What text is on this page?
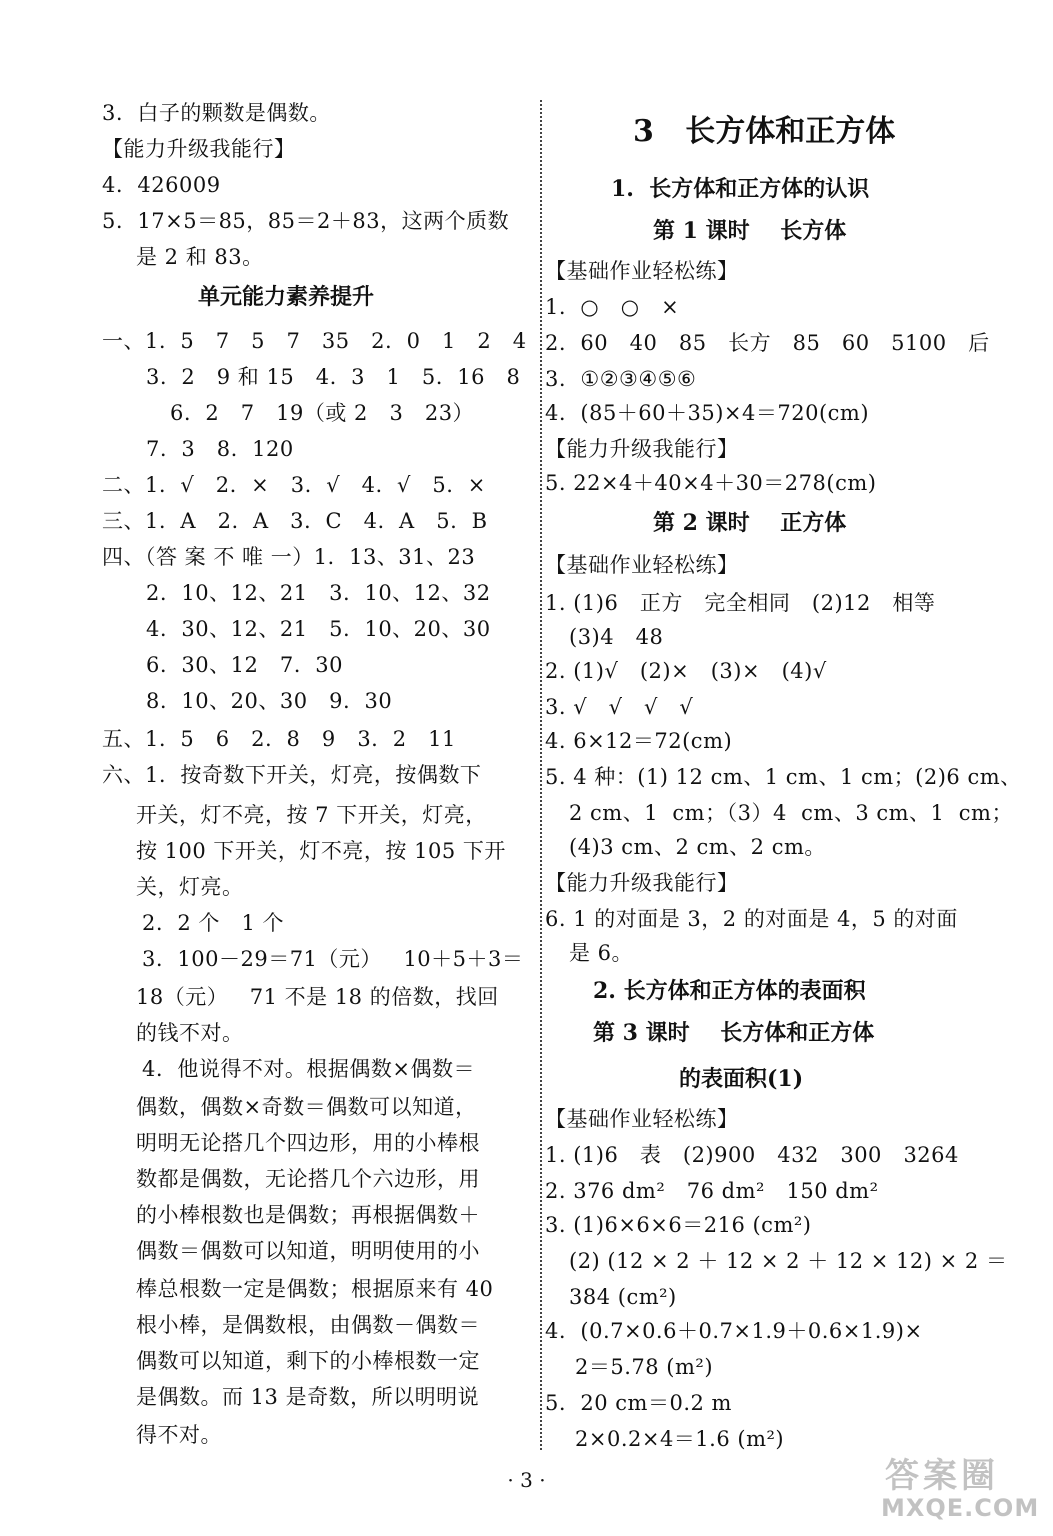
3.  白子的颗数是偶数。
【能力升级我能行】
4.  426009
5.  17×5＝85，85＝2＋83，这两个质数
是 2 和 83。
单元能力素养提升
一、1.  5   7   5   7   35   2.  0   1   2   4
3.  2   9 和 15   4.  3   1   5.  16   8
6.  2   7   19（或 2   3   23）
7.  3   8.  120
二、1.  √   2.  ×   3.  √   4.  √   5.  ×
三、1.  A   2.  A   3.  C   4.  A   5.  B
四、（答 案 不 唯 一）1.  13、31、23
2.  10、12、21   3.  10、12、32
4.  30、12、21   5.  10、20、30
6.  30、12   7.  30
8.  10、20、30   9.  30
五、1.  5   6   2.  8   9   3.  2   11
六、1.  按奇数下开关，灯亮，按偶数下
开关，灯不亮，按 7 下开关，灯亮，
按 100 下开关，灯不亮，按 105 下开
关，灯亮。
2.  2 个   1 个
3.  100－29＝71（元）   10＋5＋3＝
18（元）   71 不是 18 的倍数，找回
的钱不对。
4.  他说得不对。根据偶数×偶数＝
偶数，偶数×奇数＝偶数可以知道，
明明无论搭几个四边形，用的小棒根
数都是偶数，无论搭几个六边形，用
的小棒根数也是偶数；再根据偶数＋
偶数＝偶数可以知道，明明使用的小
棒总根数一定是偶数；根据原来有 40
根小棒，是偶数根，由偶数－偶数＝
偶数可以知道，剩下的小棒根数一定
是偶数。而 13 是奇数，所以明明说
得不对。
3   长方体和正方体
1.  长方体和正方体的认识
第 1 课时    长方体
【基础作业轻松练】
1.  ○   ○   ×
2.  60   40   85   长方   85   60   5100   后
3.  ①②③④⑤⑥
4.  (85＋60＋35)×4＝720(cm)
【能力升级我能行】
5. 22×4＋40×4＋30＝278(cm)
第 2 课时    正方体
【基础作业轻松练】
1. (1)6   正方   完全相同   (2)12   相等
(3)4   48
2. (1)√   (2)×   (3)×   (4)√
3. √   √   √   √
4. 6×12＝72(cm)
5. 4 种：(1) 12 cm、1 cm、1 cm；(2)6 cm、
2 cm、1  cm；（3）4  cm、3 cm、1  cm；
(4)3 cm、2 cm、2 cm。
【能力升级我能行】
6. 1 的对面是 3，2 的对面是 4，5 的对面
是 6。
2. 长方体和正方体的表面积
第 3 课时    长方体和正方体
的表面积(1)
【基础作业轻松练】
1. (1)6   表   (2)900   432   300   3264
2. 376 dm²   76 dm²   150 dm²
3. (1)6×6×6＝216 (cm²)
(2) (12 × 2 ＋ 12 × 2 ＋ 12 × 12) × 2 ＝
384 (cm²)
4.  (0.7×0.6＋0.7×1.9＋0.6×1.9)×
2＝5.78 (m²)
5.  20 cm＝0.2 m
2×0.2×4＝1.6 (m²)
· 3 ·	答案圈
MXQE.COM
